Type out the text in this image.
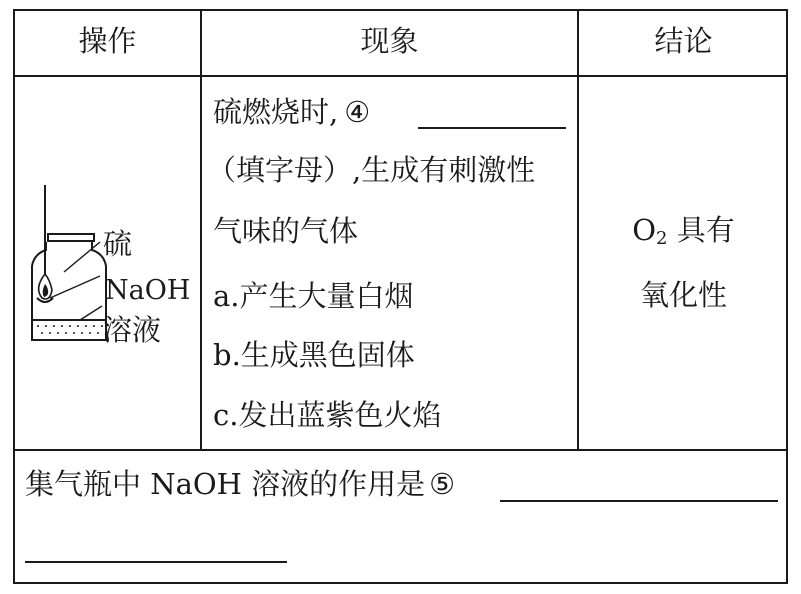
操作	现象	结论
硫
NaOH
溶液
硫燃烧时, ④
（填字母）,生成有刺激性
气味的气体
a.产生大量白烟
b.生成黑色固体
c.发出蓝紫色火焰
$O_2$ 具有
氧化性
集气瓶中 NaOH 溶液的作用是 ⑤
